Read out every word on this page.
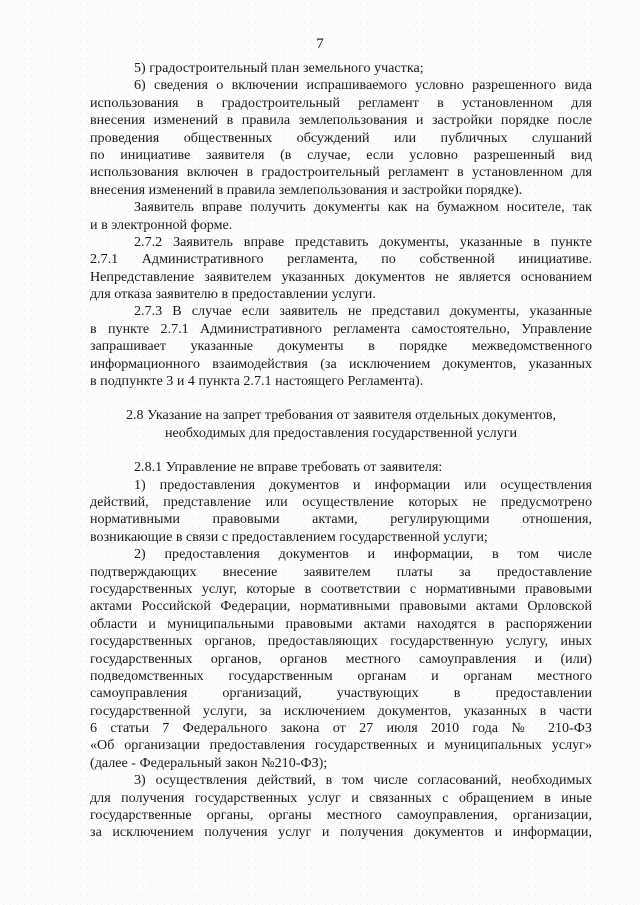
7
5) градостроительный план земельного участка;
6) сведения о включении испрашиваемого условно разрешенного вида
использования в градостроительный регламент в установленном для
внесения изменений в правила землепользования и застройки порядке после
проведения общественных обсуждений или публичных слушаний
по инициативе заявителя (в случае, если условно разрешенный вид
использования включен в градостроительный регламент в установленном для
внесения изменений в правила землепользования и застройки порядке).
Заявитель вправе получить документы как на бумажном носителе, так
и в электронной форме.
2.7.2 Заявитель вправе представить документы, указанные в пункте
2.7.1 Административного регламента, по собственной инициативе.
Непредставление заявителем указанных документов не является основанием
для отказа заявителю в предоставлении услуги.
2.7.3 В случае если заявитель не представил документы, указанные
в пункте 2.7.1 Административного регламента самостоятельно, Управление
запрашивает указанные документы в порядке межведомственного
информационного взаимодействия (за исключением документов, указанных
в подпункте 3 и 4 пункта 2.7.1 настоящего Регламента).
2.8 Указание на запрет требования от заявителя отдельных документов,
необходимых для предоставления государственной услуги
2.8.1 Управление не вправе требовать от заявителя:
1) предоставления документов и информации или осуществления
действий, представление или осуществление которых не предусмотрено
нормативными правовыми актами, регулирующими отношения,
возникающие в связи с предоставлением государственной услуги;
2) предоставления документов и информации, в том числе
подтверждающих внесение заявителем платы за предоставление
государственных услуг, которые в соответствии с нормативными правовыми
актами Российской Федерации, нормативными правовыми актами Орловской
области и муниципальными правовыми актами находятся в распоряжении
государственных органов, предоставляющих государственную услугу, иных
государственных органов, органов местного самоуправления и (или)
подведомственных государственным органам и органам местного
самоуправления организаций, участвующих в предоставлении
государственной услуги, за исключением документов, указанных в части
6 статьи 7 Федерального закона от 27 июля 2010 года № 210-ФЗ
«Об организации предоставления государственных и муниципальных услуг»
(далее - Федеральный закон №210-ФЗ);
3) осуществления действий, в том числе согласований, необходимых
для получения государственных услуг и связанных с обращением в иные
государственные органы, органы местного самоуправления, организации,
за исключением получения услуг и получения документов и информации,
